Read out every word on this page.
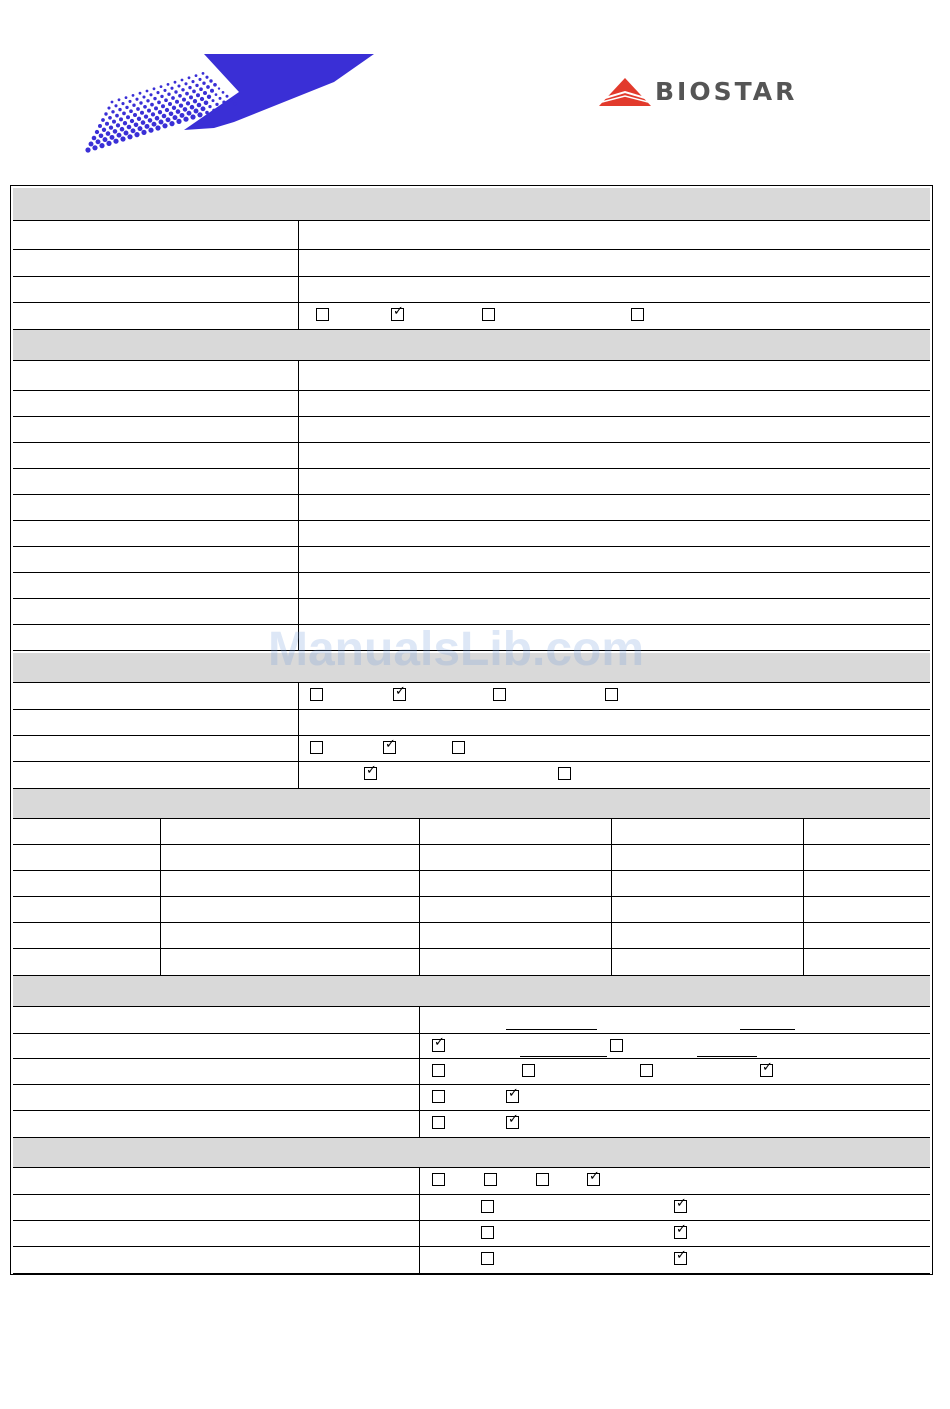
BIOSTAR
✓
✓
✓
✓
✓
✓
✓
✓
✓
✓
✓
✓
ManualsLib.com
